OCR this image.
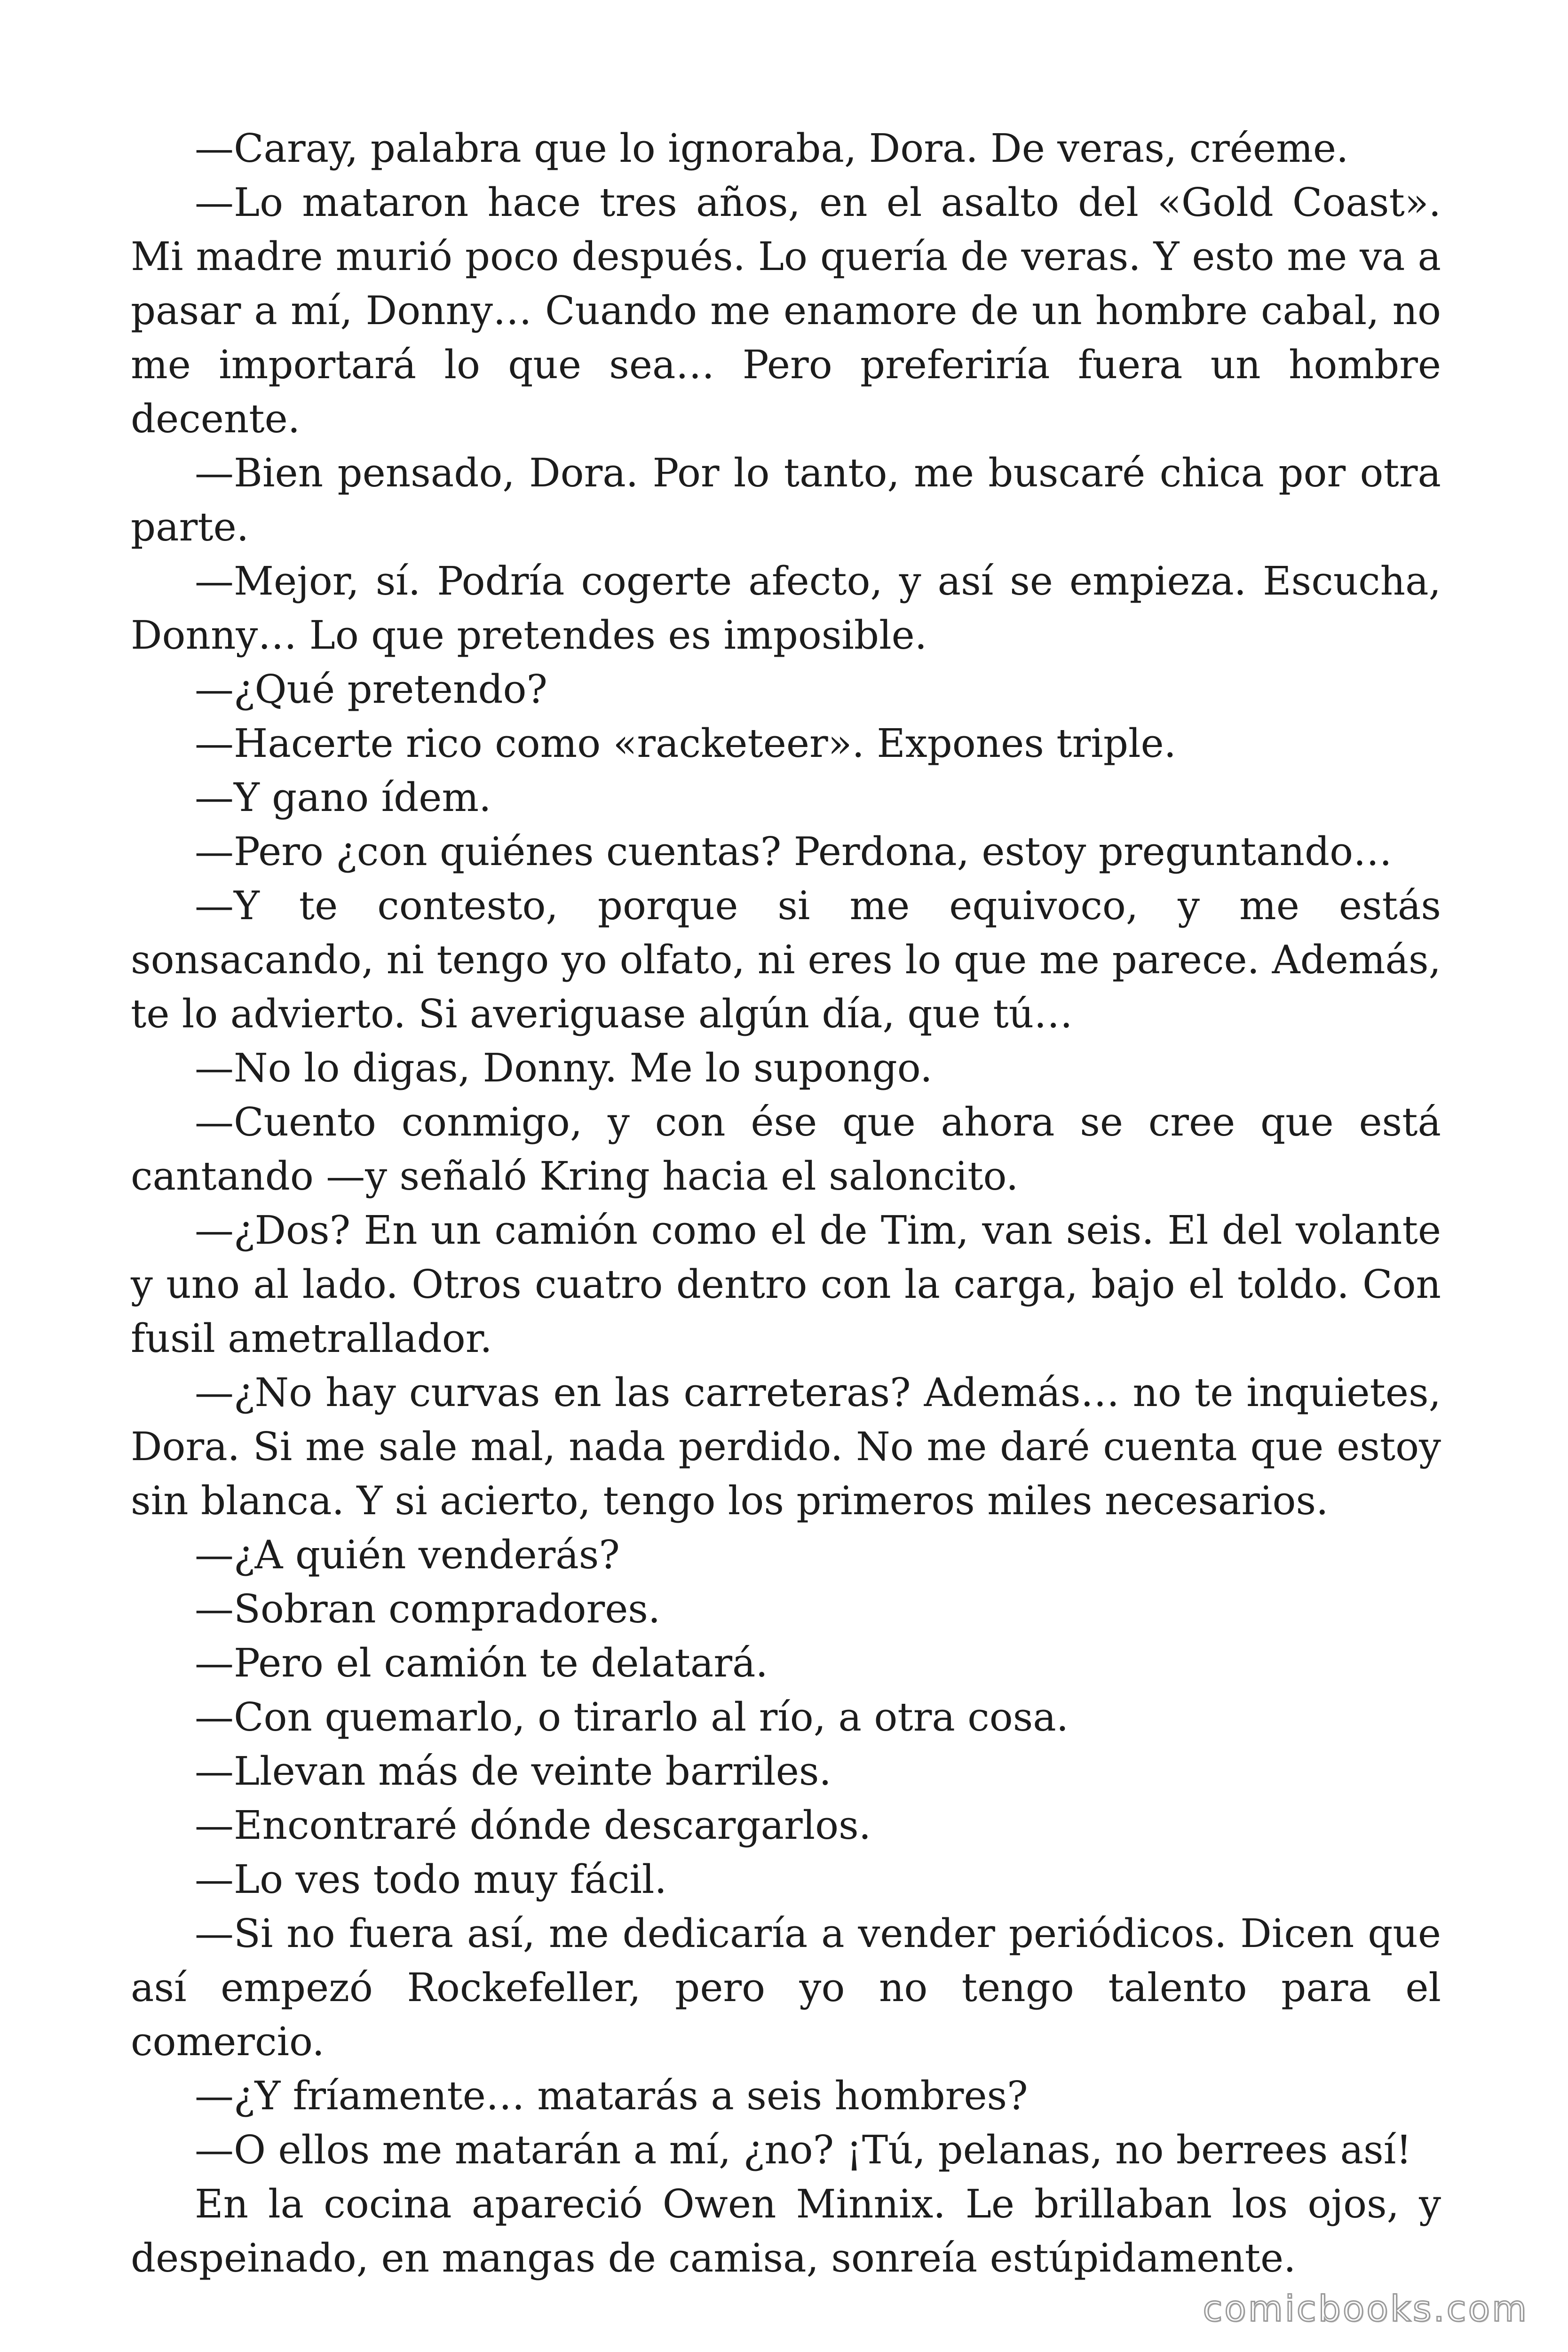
—Caray, palabra que lo ignoraba, Dora. De veras, créeme.

—Lo mataron hace tres años, en el asalto del «Gold Coast». Mi madre murió poco después. Lo quería de veras. Y esto me va a pasar a mí, Donny… Cuando me enamore de un hombre cabal, no me importará lo que sea… Pero preferiría fuera un hombre decente.

—Bien pensado, Dora. Por lo tanto, me buscaré chica por otra parte.

—Mejor, sí. Podría cogerte afecto, y así se empieza. Escucha, Donny… Lo que pretendes es imposible.

—¿Qué pretendo?

—Hacerte rico como «racketeer». Expones triple.

—Y gano ídem.

—Pero ¿con quiénes cuentas? Perdona, estoy preguntando…

—Y te contesto, porque si me equivoco, y me estás sonsacando, ni tengo yo olfato, ni eres lo que me parece. Además, te lo advierto. Si averiguase algún día, que tú…

—No lo digas, Donny. Me lo supongo.

—Cuento conmigo, y con ése que ahora se cree que está cantando —y señaló Kring hacia el saloncito.

—¿Dos? En un camión como el de Tim, van seis. El del volante y uno al lado. Otros cuatro dentro con la carga, bajo el toldo. Con fusil ametrallador.

—¿No hay curvas en las carreteras? Además… no te inquietes, Dora. Si me sale mal, nada perdido. No me daré cuenta que estoy sin blanca. Y si acierto, tengo los primeros miles necesarios.

—¿A quién venderás?

—Sobran compradores.

—Pero el camión te delatará.

—Con quemarlo, o tirarlo al río, a otra cosa.

—Llevan más de veinte barriles.

—Encontraré dónde descargarlos.

—Lo ves todo muy fácil.

—Si no fuera así, me dedicaría a vender periódicos. Dicen que así empezó Rockefeller, pero yo no tengo talento para el comercio.

—¿Y fríamente… matarás a seis hombres?

—O ellos me matarán a mí, ¿no? ¡Tú, pelanas, no berrees así!

En la cocina apareció Owen Minnix. Le brillaban los ojos, y despeinado, en mangas de camisa, sonreía estúpidamente.

comicbooks.com
